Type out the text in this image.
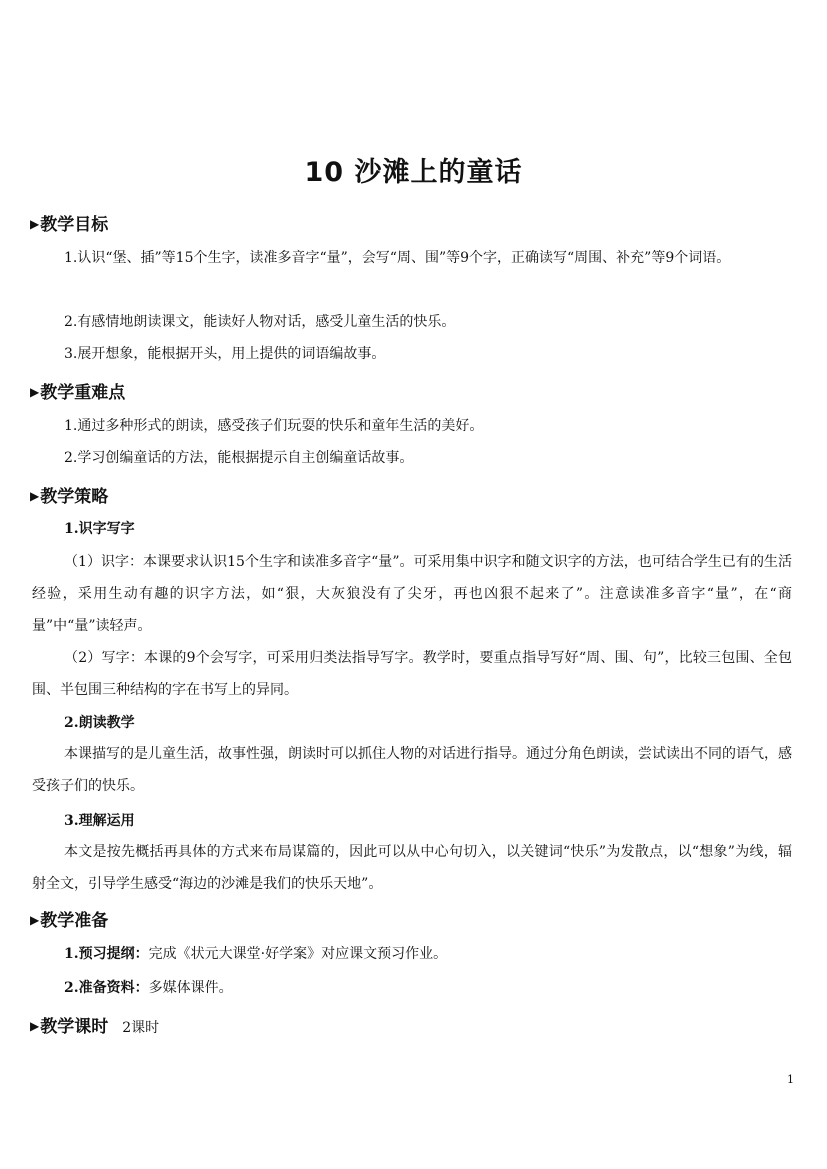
10 沙滩上的童话
▶教学目标

1.认识“堡、插”等15个生字，读准多音字“量”，会写“周、围”等9个字，正确读写“周围、补充”等9个词语。

2.有感情地朗读课文，能读好人物对话，感受儿童生活的快乐。

3.展开想象，能根据开头，用上提供的词语编故事。

▶教学重难点

1.通过多种形式的朗读，感受孩子们玩耍的快乐和童年生活的美好。

2.学习创编童话的方法，能根据提示自主创编童话故事。

▶教学策略
1.识字写字

（1）识字：本课要求认识15个生字和读准多音字“量”。可采用集中识字和随文识字的方法，也可结合学生已有的生活经验，采用生动有趣的识字方法，如“狠，大灰狼没有了尖牙，再也凶狠不起来了”。注意读准多音字“量”，在“商量”中“量”读轻声。

（2）写字：本课的9个会写字，可采用归类法指导写字。教学时，要重点指导写好“周、围、句”，比较三包围、全包围、半包围三种结构的字在书写上的异同。

2.朗读教学

本课描写的是儿童生活，故事性强，朗读时可以抓住人物的对话进行指导。通过分角色朗读，尝试读出不同的语气，感受孩子们的快乐。

3.理解运用

本文是按先概括再具体的方式来布局谋篇的，因此可以从中心句切入，以关键词“快乐”为发散点，以“想象”为线，辐射全文，引导学生感受“海边的沙滩是我们的快乐天地”。

▶教学准备

1.预习提纲：完成《状元大课堂·好学案》对应课文预习作业。

2.准备资料：多媒体课件。

▶教学课时 2课时
1
